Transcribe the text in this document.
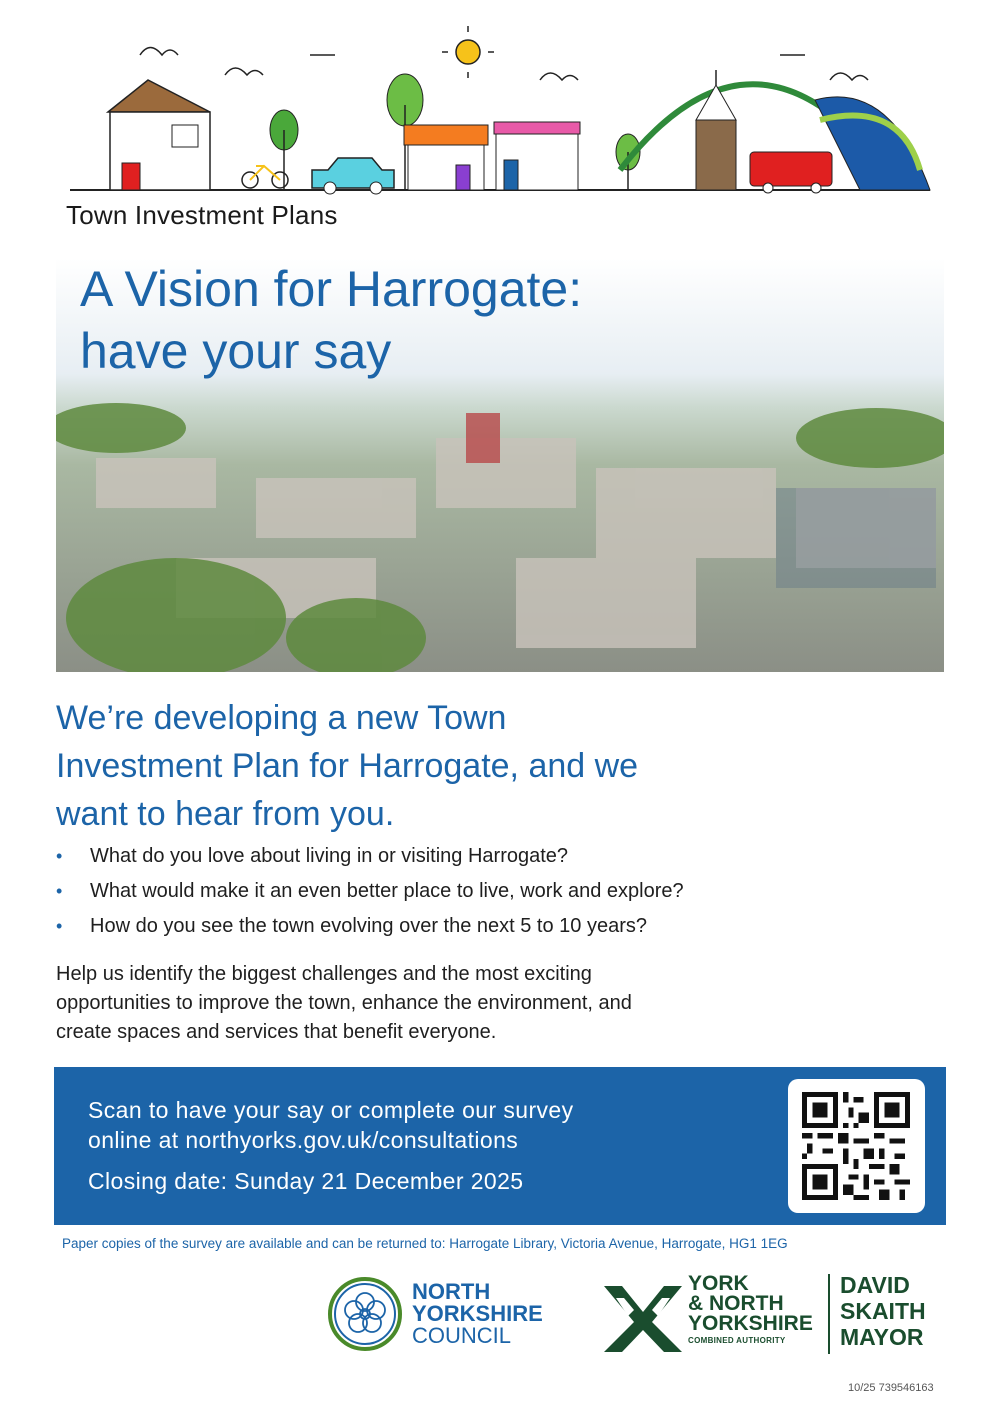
Town Investment Plans
A Vision for Harrogate:
have your say
We’re developing a new Town
Investment Plan for Harrogate, and we
want to hear from you.
• What do you love about living in or visiting Harrogate?
• What would make it an even better place to live, work and explore?
• How do you see the town evolving over the next 5 to 10 years?
Help us identify the biggest challenges and the most exciting
opportunities to improve the town, enhance the environment, and
create spaces and services that benefit everyone.
Scan to have your say or complete our survey
online at northyorks.gov.uk/consultations
Closing date: Sunday 21 December 2025
Paper copies of the survey are available and can be returned to: Harrogate Library, Victoria Avenue, Harrogate, HG1 1EG
NORTH
YORKSHIRE
COUNCIL
YORK
& NORTH
YORKSHIRE
COMBINED AUTHORITY
DAVID
SKAITH
MAYOR
10/25 739546163
